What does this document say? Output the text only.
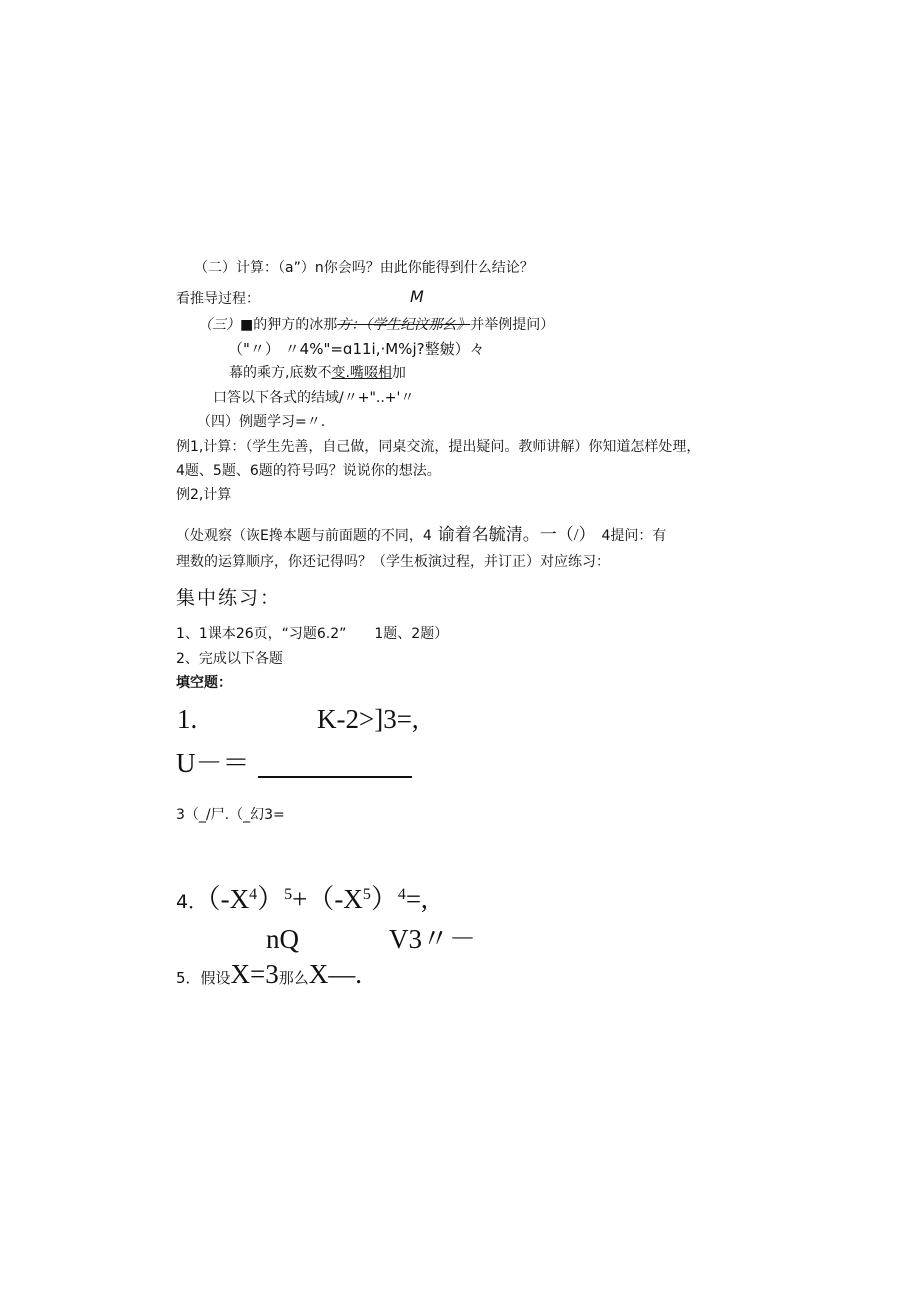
（二）计算：（a”）n你会吗？由此你能得到什么结论？
看推导过程：	M
（三）■的狎方的冰那方：（学生纪汶那幺》并举例提问）
（"〃） 〃4%"=ɑ11i,·M%j?整皴）々
幕的乘方,底数不变.嘴啜相加
口答以下各式的结域/〃+"..+'〃
（四）例题学习=〃.
例1,计算：（学生先善，自己做，同桌交流，提出疑问。教师讲解）你知道怎样处理，
4题、5题、6题的符号吗？说说你的想法。
例2,计算
（处观察（诙E搀本题与前面题的不同，4 谕着名毓清。一（/） 4提问：有
理数的运算顺序，你还记得吗？（学生板演过程，并订正）对应练习：
集中练习：
1、1课本26页，“习题6.2”　　1题、2题）
2、完成以下各题
填空题：
1.	K-2>]3=,
U－＝
3（_/尸.（_幻3=
4．$(-X^4)^5+(-X^5)^4=$,
nQ	V3〃－
5．假设X=3那么X—.
